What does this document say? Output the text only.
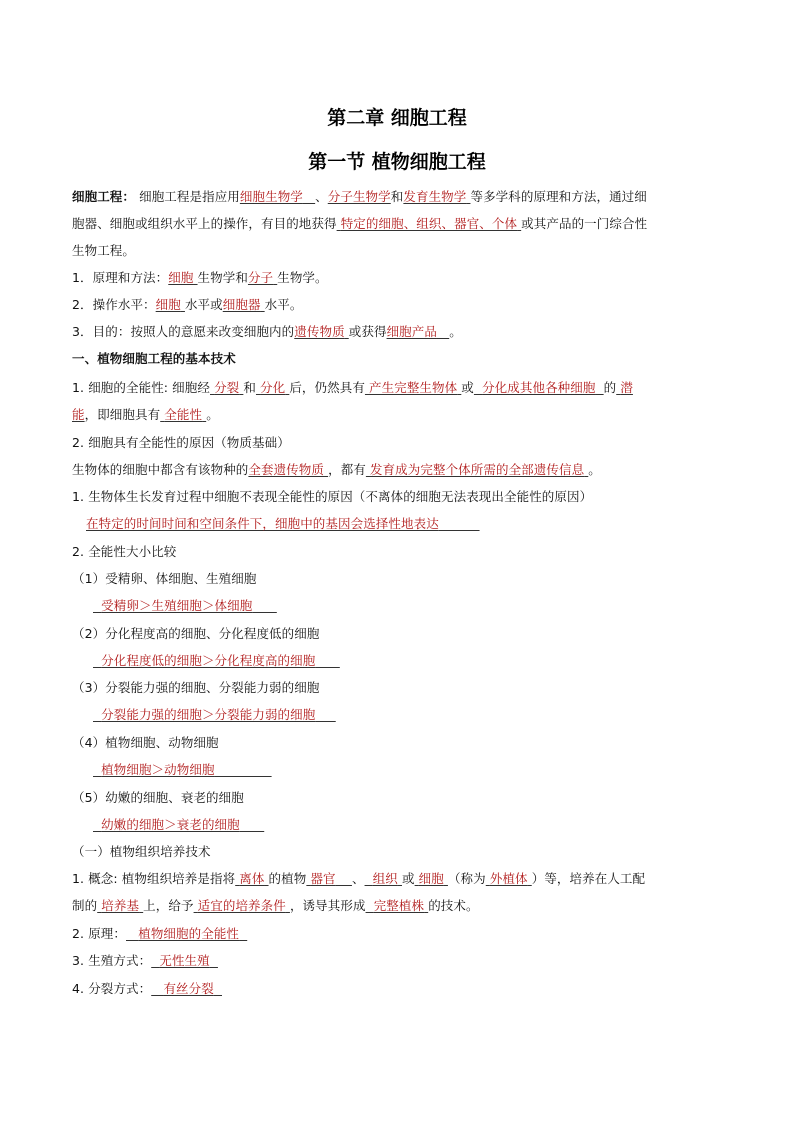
第二章 细胞工程
第一节 植物细胞工程
细胞工程： 细胞工程是指应用细胞生物学 、分子生物学和发育生物学 等多学科的原理和方法，通过细
胞器、细胞或组织水平上的操作，有目的地获得 特定的细胞、组织、器官、个体 或其产品的一门综合性
生物工程。
1．原理和方法：细胞 生物学和分子 生物学。
2．操作水平：细胞 水平或细胞器 水平。
3．目的：按照人的意愿来改变细胞内的遗传物质 或获得细胞产品 。
一、植物细胞工程的基本技术
1. 细胞的全能性: 细胞经 分裂 和 分化 后，仍然具有 产生完整生物体 或 分化成其他各种细胞 的 潜
能，即细胞具有 全能性 。
2. 细胞具有全能性的原因（物质基础）
生物体的细胞中都含有该物种的全套遗传物质 ，都有 发育成为完整个体所需的全部遗传信息 。
1. 生物体生长发育过程中细胞不表现全能性的原因（不离体的细胞无法表现出全能性的原因）
在特定的时间时间和空间条件下，细胞中的基因会选择性地表达
2. 全能性大小比较
（1）受精卵、体细胞、生殖细胞
受精卵＞生殖细胞＞体细胞
（2）分化程度高的细胞、分化程度低的细胞
分化程度低的细胞＞分化程度高的细胞
（3）分裂能力强的细胞、分裂能力弱的细胞
分裂能力强的细胞＞分裂能力弱的细胞
（4）植物细胞、动物细胞
植物细胞＞动物细胞
（5）幼嫩的细胞、衰老的细胞
幼嫩的细胞＞衰老的细胞
（一）植物组织培养技术
1. 概念: 植物组织培养是指将 离体 的植物 器官 、 组织 或 细胞 （称为 外植体 ）等，培养在人工配
制的 培养基 上，给予 适宜的培养条件 ，诱导其形成 完整植株 的技术。
2. 原理： 植物细胞的全能性
3. 生殖方式： 无性生殖
4. 分裂方式： 有丝分裂
